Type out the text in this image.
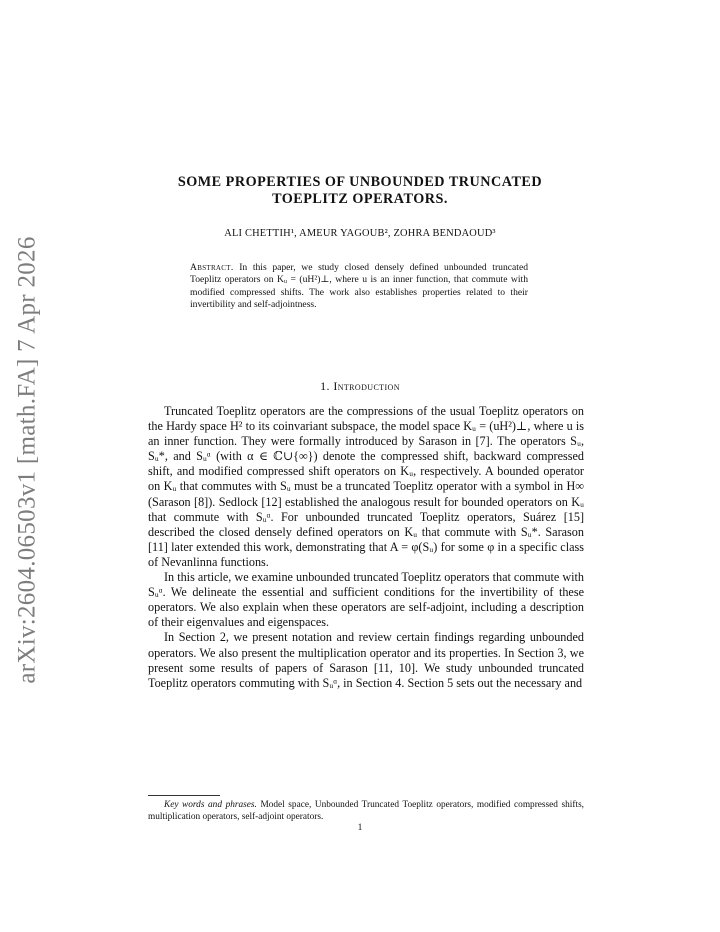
arXiv:2604.06503v1 [math.FA] 7 Apr 2026
SOME PROPERTIES OF UNBOUNDED TRUNCATED
TOEPLITZ OPERATORS.
ALI CHETTIH¹, AMEUR YAGOUB², ZOHRA BENDAOUD³
Abstract. In this paper, we study closed densely defined unbounded truncated Toeplitz operators on Kᵤ = (uH²)⊥, where u is an inner function, that commute with modified compressed shifts. The work also establishes properties related to their invertibility and self-adjointness.
1. Introduction

Truncated Toeplitz operators are the compressions of the usual Toeplitz operators on the Hardy space H² to its coinvariant subspace, the model space Kᵤ = (uH²)⊥, where u is an inner function. They were formally introduced by Sarason in [7]. The operators Sᵤ, Sᵤ*, and Sᵤᵅ (with α ∈ ℂ∪{∞}) denote the compressed shift, backward compressed shift, and modified compressed shift operators on Kᵤ, respectively. A bounded operator on Kᵤ that commutes with Sᵤ must be a truncated Toeplitz operator with a symbol in H∞ (Sarason [8]). Sedlock [12] established the analogous result for bounded operators on Kᵤ that commute with Sᵤᵅ. For unbounded truncated Toeplitz operators, Suárez [15] described the closed densely defined operators on Kᵤ that commute with Sᵤ*. Sarason [11] later extended this work, demonstrating that A = φ(Sᵤ) for some φ in a specific class of Nevanlinna functions.

In this article, we examine unbounded truncated Toeplitz operators that commute with Sᵤᵅ. We delineate the essential and sufficient conditions for the invertibility of these operators. We also explain when these operators are self-adjoint, including a description of their eigenvalues and eigenspaces.

In Section 2, we present notation and review certain findings regarding unbounded operators. We also present the multiplication operator and its properties. In Section 3, we present some results of papers of Sarason [11, 10]. We study unbounded truncated Toeplitz operators commuting with Sᵤᵅ, in Section 4. Section 5 sets out the necessary and

Key words and phrases. Model space, Unbounded Truncated Toeplitz operators, modified compressed shifts, multiplication operators, self-adjoint operators.
1
